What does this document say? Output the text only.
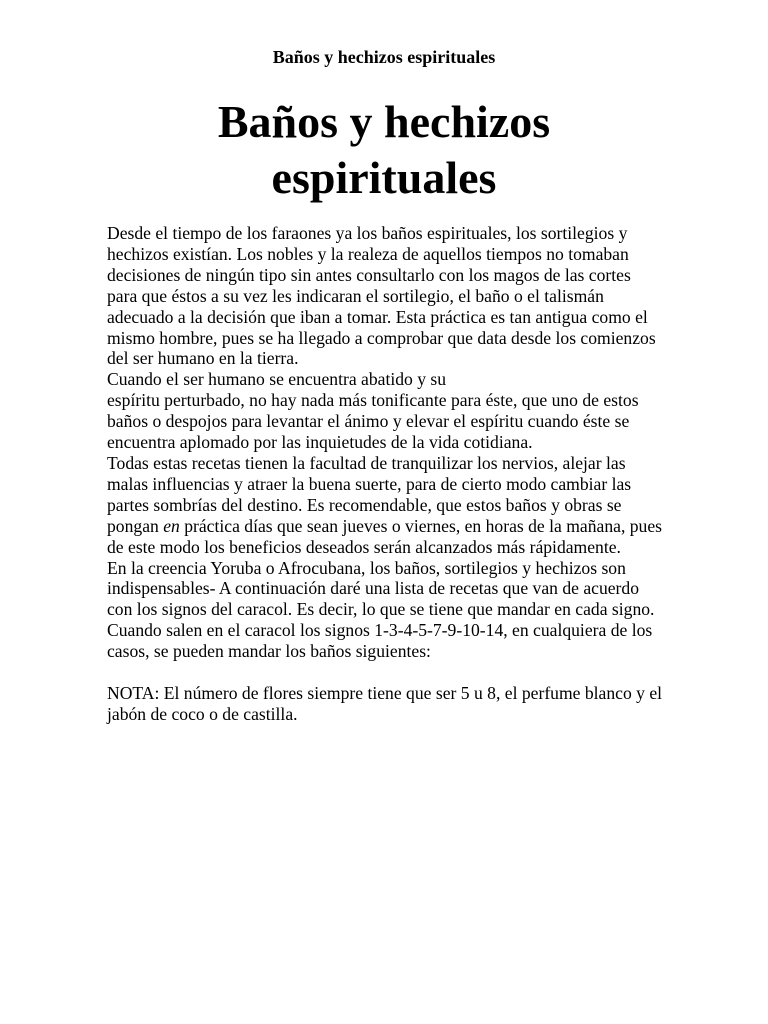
Baños y hechizos espirituales
Baños y hechizos
espirituales

Desde el tiempo de los faraones ya los baños espirituales, los sortilegios y hechizos existían. Los nobles y la realeza de aquellos tiempos no tomaban decisiones de ningún tipo sin antes consultarlo con los magos de las cortes para que éstos a su vez les indicaran el sortilegio, el baño o el talismán adecuado a la decisión que iban a tomar. Esta práctica es tan antigua como el mismo hombre, pues se ha llegado a comprobar que data desde los comienzos del ser humano en la tierra.

Cuando el ser humano se encuentra abatido y su
espíritu perturbado, no hay nada más tonificante para éste, que uno de estos baños o despojos para levantar el ánimo y elevar el espíritu cuando éste se encuentra aplomado por las inquietudes de la vida cotidiana.

Todas estas recetas tienen la facultad de tranquilizar los nervios, alejar las malas influencias y atraer la buena suerte, para de cierto modo cambiar las partes sombrías del destino. Es recomendable, que estos baños y obras se pongan en práctica días que sean jueves o viernes, en horas de la mañana, pues de este modo los beneficios deseados serán alcanzados más rápidamente.

En la creencia Yoruba o Afrocubana, los baños, sortilegios y hechizos son indispensables- A continuación daré una lista de recetas que van de acuerdo con los signos del caracol. Es decir, lo que se tiene que mandar en cada signo.

Cuando salen en el caracol los signos 1-3-4-5-7-9-10-14, en cualquiera de los casos, se pueden mandar los baños siguientes:

NOTA: El número de flores siempre tiene que ser 5 u 8, el perfume blanco y el jabón de coco o de castilla.
